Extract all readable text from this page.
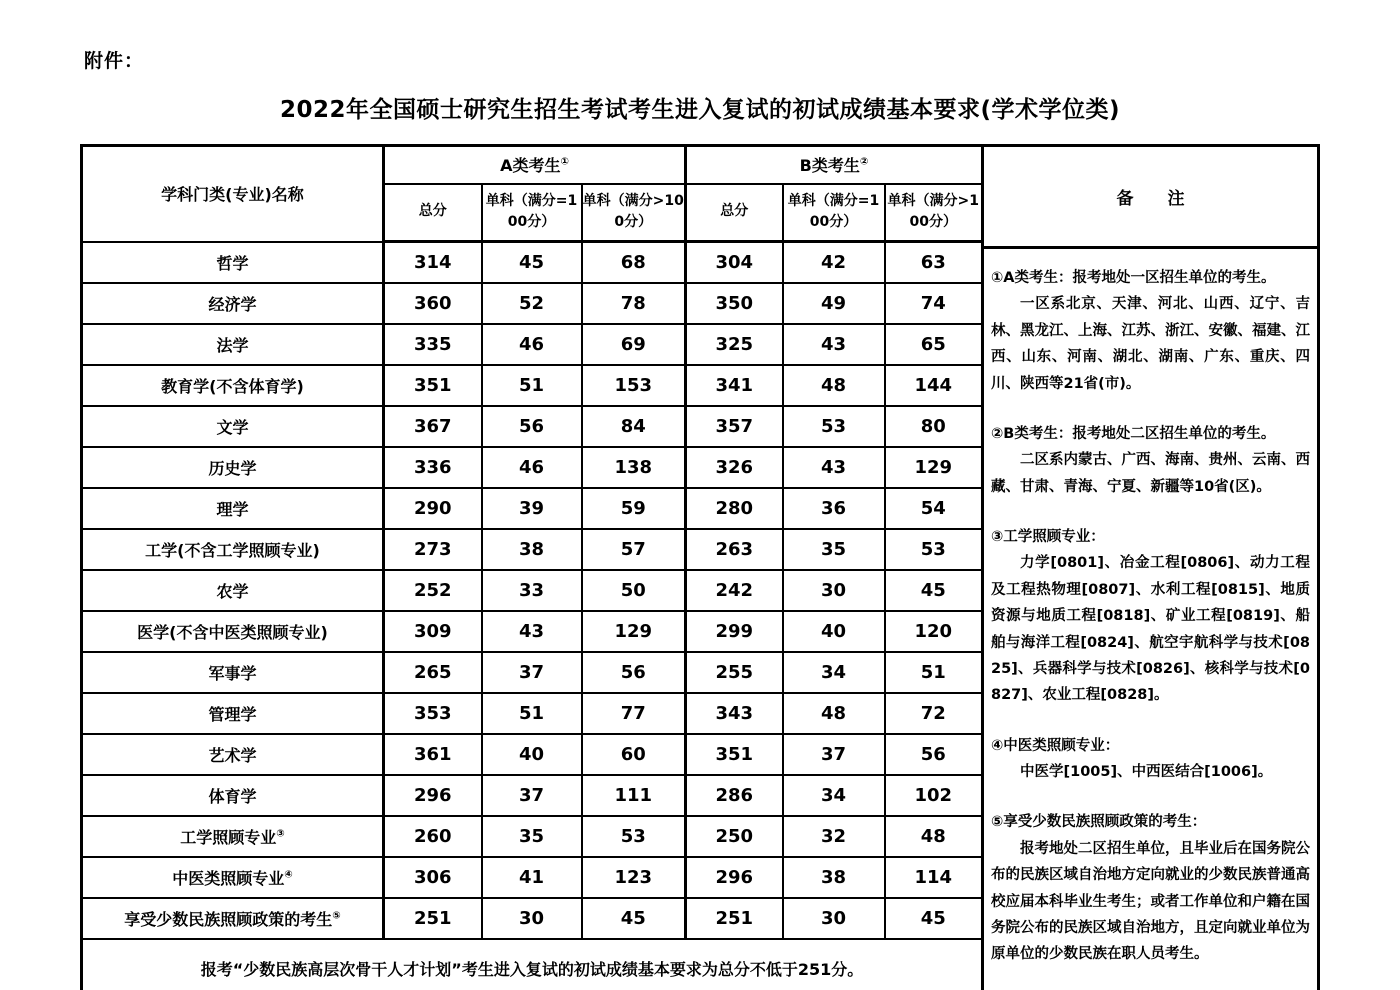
附件：
2022年全国硕士研究生招生考试考生进入复试的初试成绩基本要求(学术学位类)
学科门类(专业)名称	A类考生①			B类考生②
	总分	单科（满分=100分）	单科（满分>100分）	总分	单科（满分=100分）	单科（满分>100分）
哲学	314	45	68	304	42	63
经济学	360	52	78	350	49	74
法学	335	46	69	325	43	65
教育学(不含体育学)	351	51	153	341	48	144
文学	367	56	84	357	53	80
历史学	336	46	138	326	43	129
理学	290	39	59	280	36	54
工学(不含工学照顾专业)	273	38	57	263	35	53
农学	252	33	50	242	30	45
医学(不含中医类照顾专业)	309	43	129	299	40	120
军事学	265	37	56	255	34	51
管理学	353	51	77	343	48	72
艺术学	361	40	60	351	37	56
体育学	296	37	111	286	34	102
工学照顾专业③	260	35	53	250	32	48
中医类照顾专业④	306	41	123	296	38	114
享受少数民族照顾政策的考生⑤	251	30	45	251	30	45
报考“少数民族高层次骨干人才计划”考生进入复试的初试成绩基本要求为总分不低于251分。						
备　　注

①A类考生：报考地处一区招生单位的考生。

一区系北京、天津、河北、山西、辽宁、吉林、黑龙江、上海、江苏、浙江、安徽、福建、江西、山东、河南、湖北、湖南、广东、重庆、四川、陕西等21省(市)。

②B类考生：报考地处二区招生单位的考生。

二区系内蒙古、广西、海南、贵州、云南、西藏、甘肃、青海、宁夏、新疆等10省(区)。

③工学照顾专业：

力学[0801]、冶金工程[0806]、动力工程及工程热物理[0807]、水利工程[0815]、地质资源与地质工程[0818]、矿业工程[0819]、船舶与海洋工程[0824]、航空宇航科学与技术[0825]、兵器科学与技术[0826]、核科学与技术[0827]、农业工程[0828]。

④中医类照顾专业：

中医学[1005]、中西医结合[1006]。

⑤享受少数民族照顾政策的考生：

报考地处二区招生单位，且毕业后在国务院公布的民族区域自治地方定向就业的少数民族普通高校应届本科毕业生考生；或者工作单位和户籍在国务院公布的民族区域自治地方，且定向就业单位为原单位的少数民族在职人员考生。
